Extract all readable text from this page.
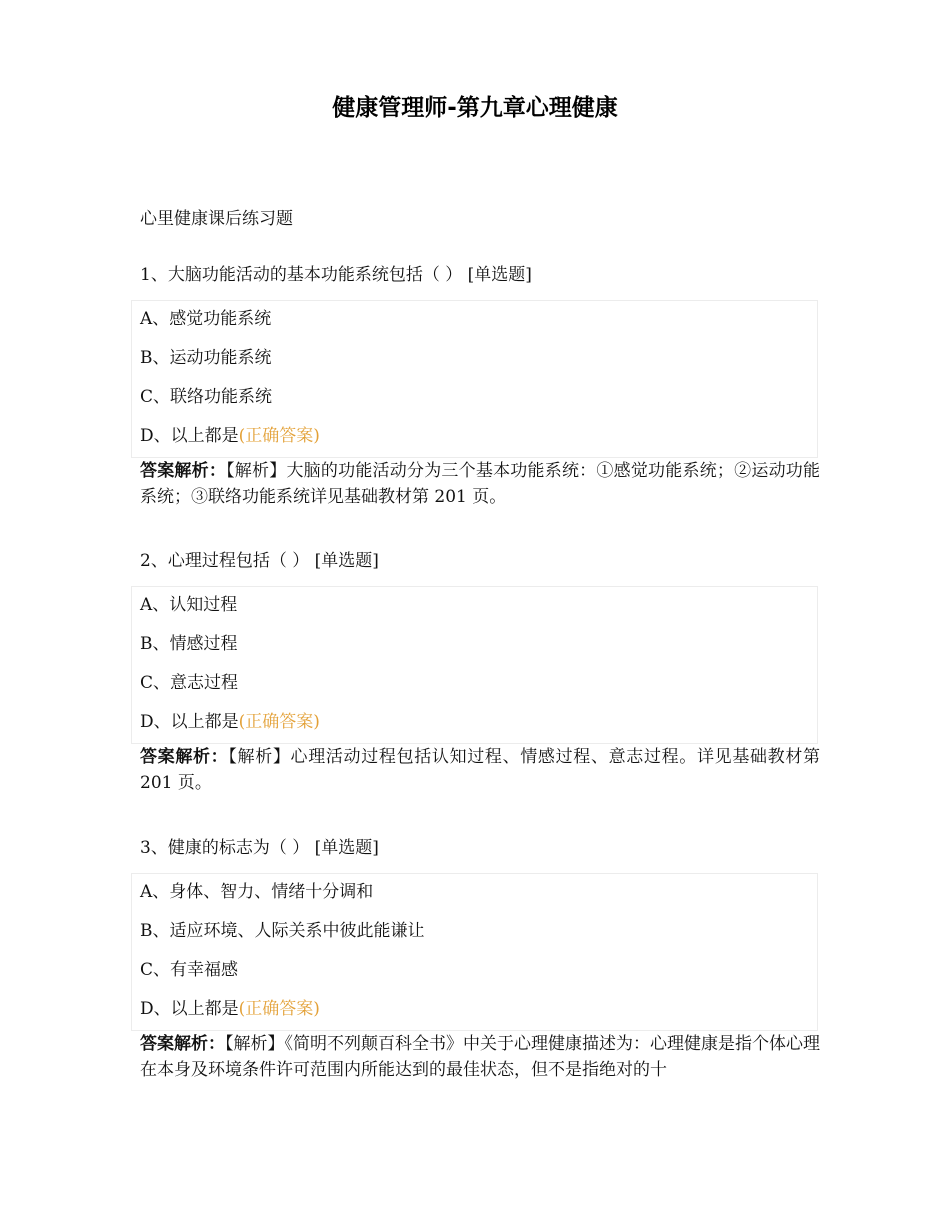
健康管理师-第九章心理健康
心里健康课后练习题
1、大脑功能活动的基本功能系统包括（ ） [单选题]
A、感觉功能系统
B、运动功能系统
C、联络功能系统
D、以上都是(正确答案)
答案解析：【解析】大脑的功能活动分为三个基本功能系统：①感觉功能系统；②运动功能系统；③联络功能系统详见基础教材第 201 页。
2、心理过程包括（ ） [单选题]
A、认知过程
B、情感过程
C、意志过程
D、以上都是(正确答案)
答案解析：【解析】心理活动过程包括认知过程、情感过程、意志过程。详见基础教材第 201 页。
3、健康的标志为（ ） [单选题]
A、身体、智力、情绪十分调和
B、适应环境、人际关系中彼此能谦让
C、有幸福感
D、以上都是(正确答案)
答案解析：【解析】《简明不列颠百科全书》中关于心理健康描述为：心理健康是指个体心理在本身及环境条件许可范围内所能达到的最佳状态，但不是指绝对的十
